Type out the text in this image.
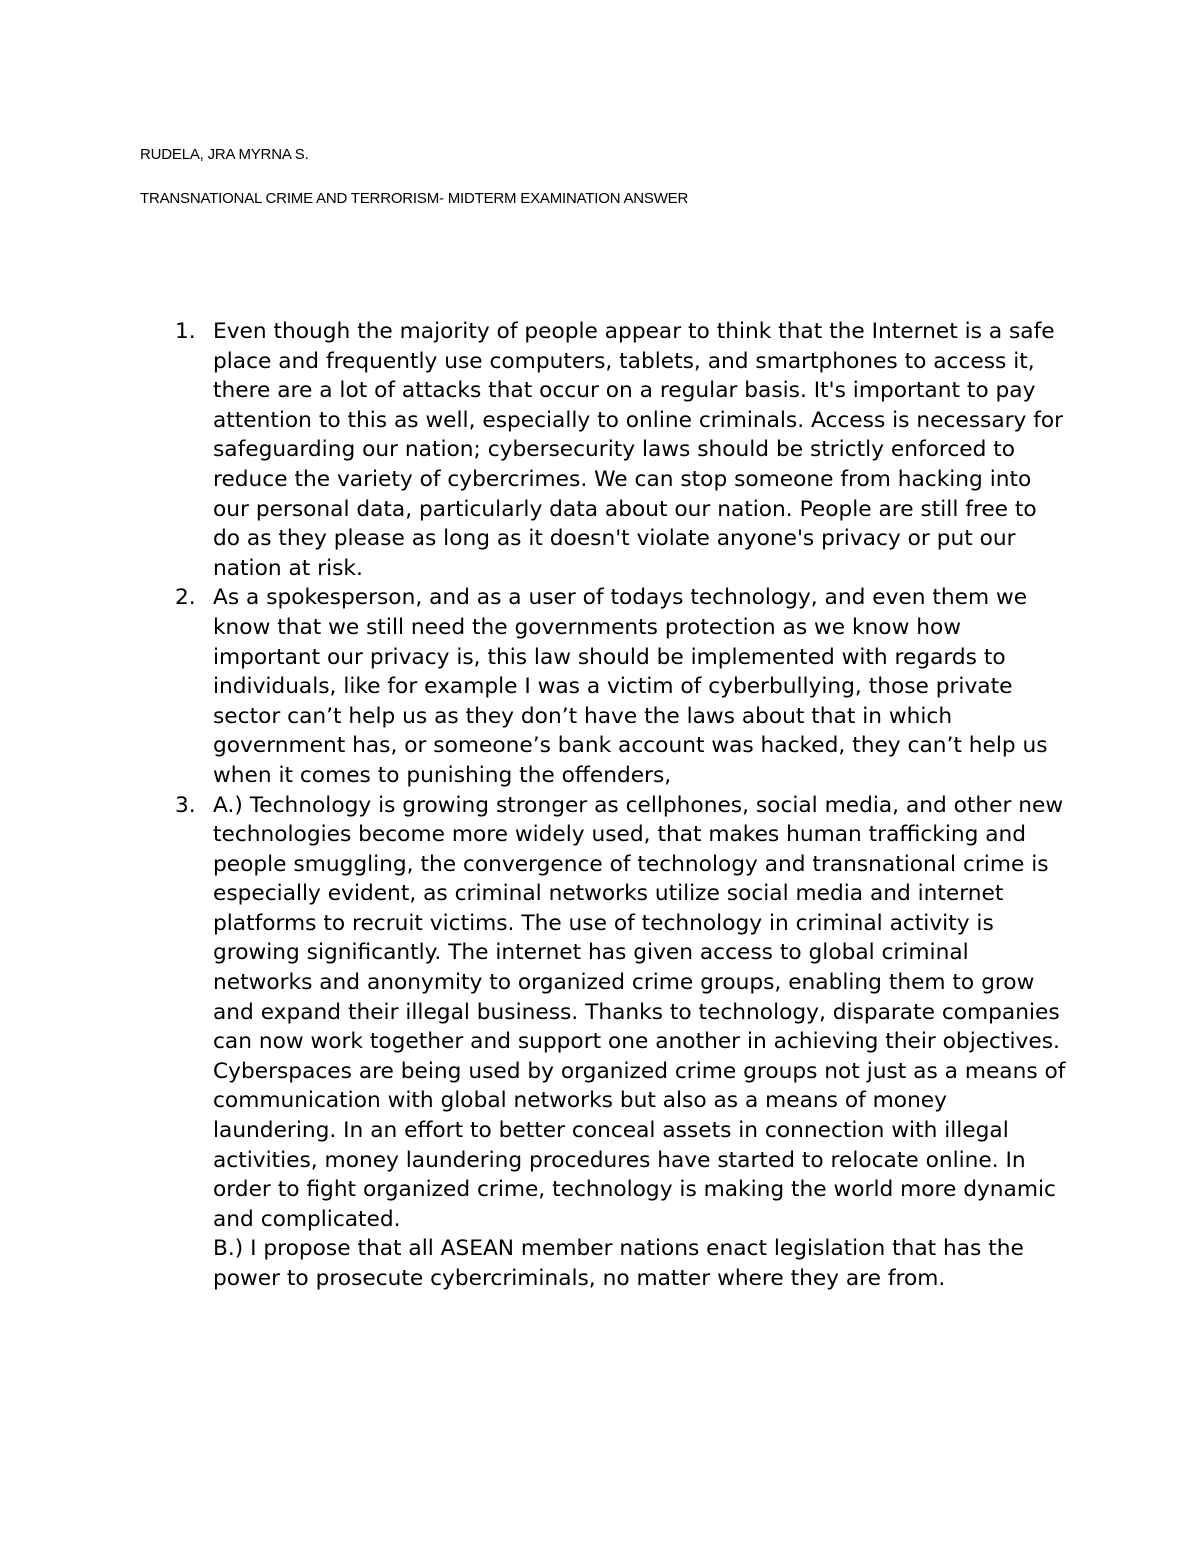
RUDELA, JRA MYRNA S.
TRANSNATIONAL CRIME AND TERRORISM- MIDTERM EXAMINATION ANSWER
1. Even though the majority of people appear to think that the Internet is a safe place and frequently use computers, tablets, and smartphones to access it, there are a lot of attacks that occur on a regular basis. It's important to pay attention to this as well, especially to online criminals. Access is necessary for safeguarding our nation; cybersecurity laws should be strictly enforced to reduce the variety of cybercrimes. We can stop someone from hacking into our personal data, particularly data about our nation. People are still free to do as they please as long as it doesn't violate anyone's privacy or put our nation at risk.

2. As a spokesperson, and as a user of todays technology, and even them we know that we still need the governments protection as we know how important our privacy is, this law should be implemented with regards to individuals, like for example I was a victim of cyberbullying, those private sector can’t help us as they don’t have the laws about that in which government has, or someone’s bank account was hacked, they can’t help us when it comes to punishing the offenders,

3. A.) Technology is growing stronger as cellphones, social media, and other new technologies become more widely used, that makes human trafficking and people smuggling, the convergence of technology and transnational crime is especially evident, as criminal networks utilize social media and internet platforms to recruit victims. The use of technology in criminal activity is growing significantly. The internet has given access to global criminal networks and anonymity to organized crime groups, enabling them to grow and expand their illegal business. Thanks to technology, disparate companies can now work together and support one another in achieving their objectives. Cyberspaces are being used by organized crime groups not just as a means of communication with global networks but also as a means of money laundering. In an effort to better conceal assets in connection with illegal activities, money laundering procedures have started to relocate online. In order to fight organized crime, technology is making the world more dynamic and complicated.

B.) I propose that all ASEAN member nations enact legislation that has the power to prosecute cybercriminals, no matter where they are from.
